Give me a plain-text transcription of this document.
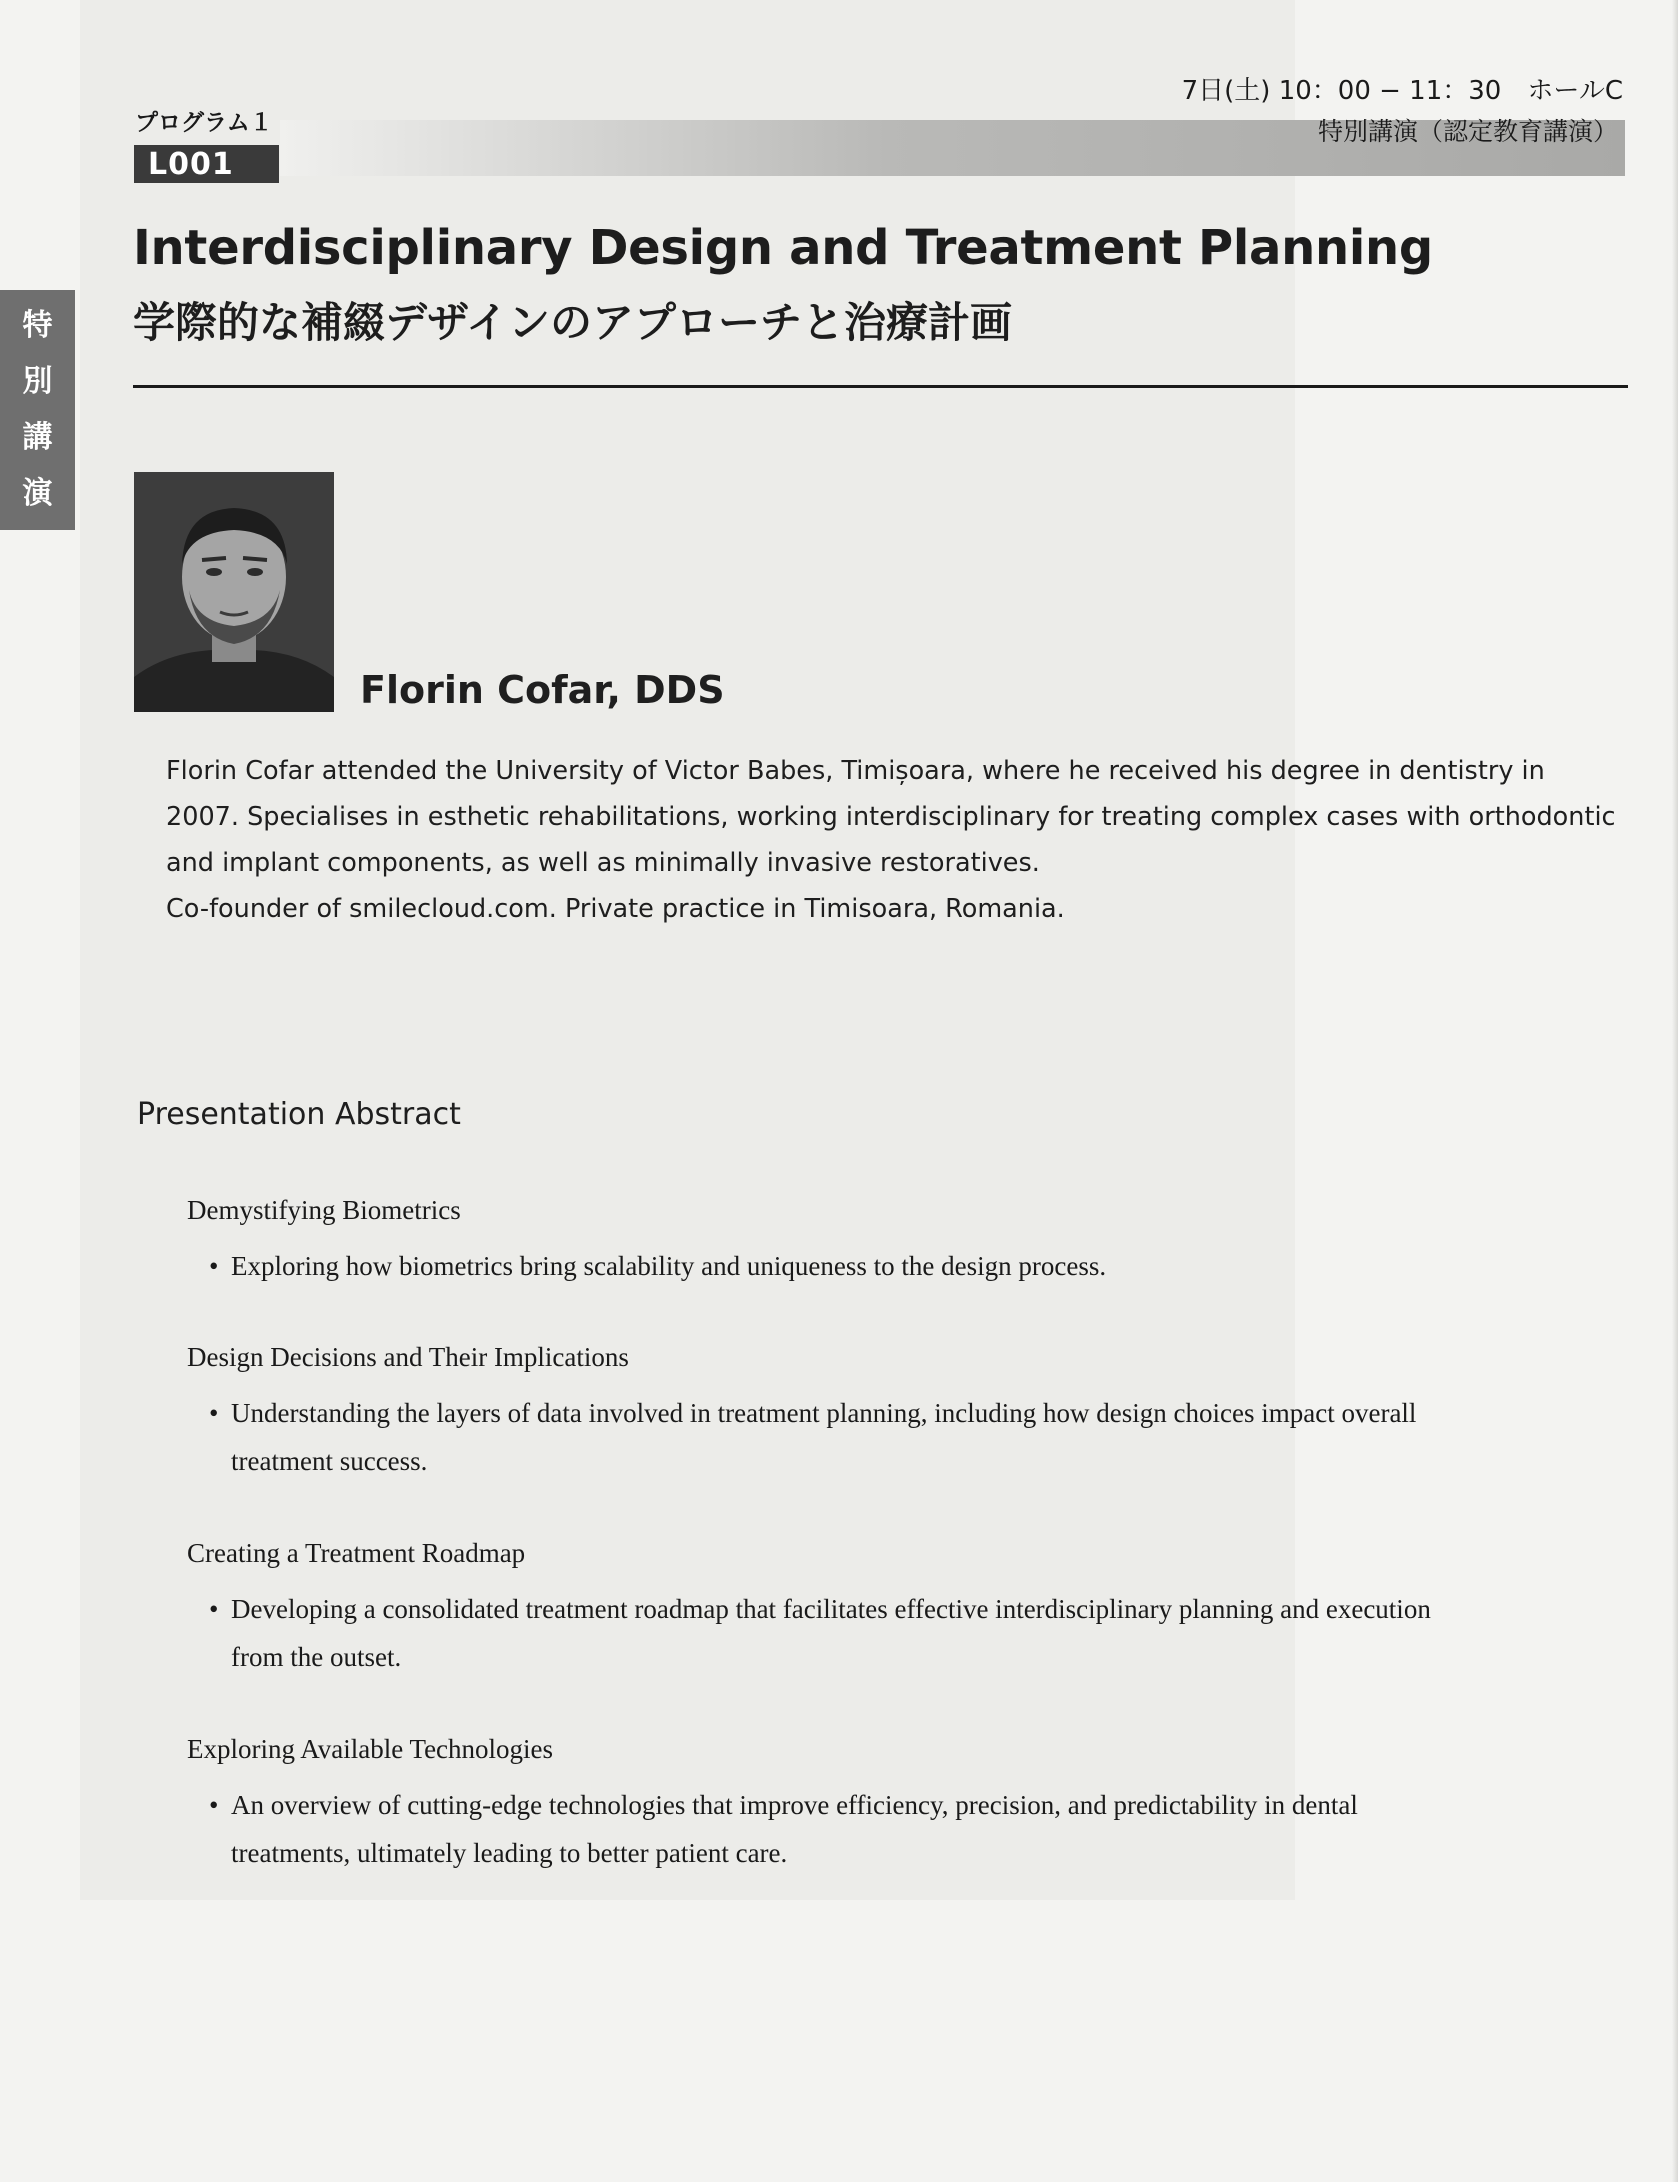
特
別
講
演
プログラム１
L001
7日(土) 10：00 − 11：30　ホールC
特別講演（認定教育講演）
Interdisciplinary Design and Treatment Planning
学際的な補綴デザインのアプローチと治療計画
Florin Cofar, DDS

Florin Cofar attended the University of Victor Babes, Timișoara, where he received his degree in dentistry in

2007. Specialises in esthetic rehabilitations, working interdisciplinary for treating complex cases with orthodontic

and implant components, as well as minimally invasive restoratives.

Co-founder of smilecloud.com. Private practice in Timisoara, Romania.

Presentation Abstract
Demystifying Biometrics
• Exploring how biometrics bring scalability and uniqueness to the design process.
Design Decisions and Their Implications
• Understanding the layers of data involved in treatment planning, including how design choices impact overall
treatment success.
Creating a Treatment Roadmap
• Developing a consolidated treatment roadmap that facilitates effective interdisciplinary planning and execution
from the outset.
Exploring Available Technologies
• An overview of cutting-edge technologies that improve efficiency, precision, and predictability in dental
treatments, ultimately leading to better patient care.
